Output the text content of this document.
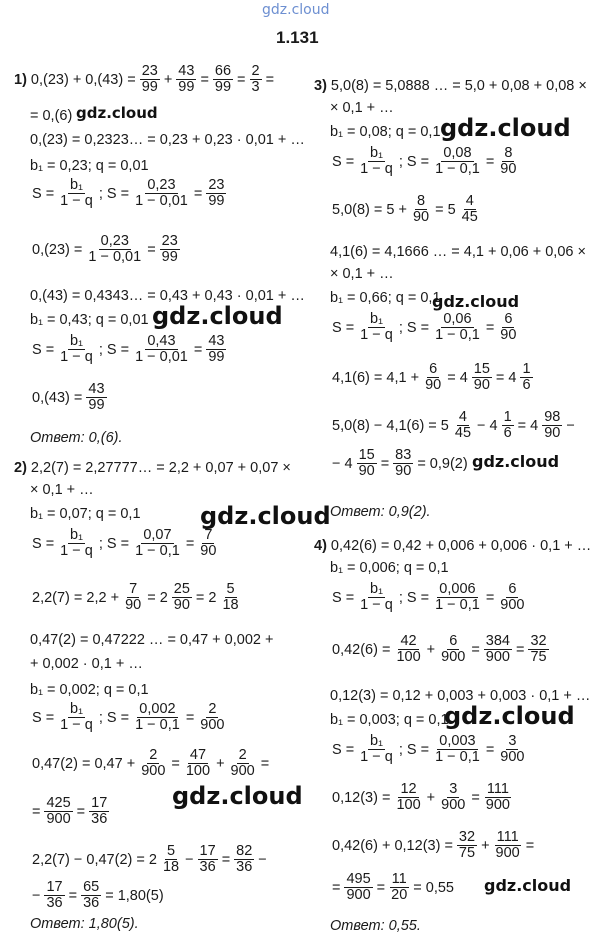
gdz.cloud
1.131
1) $0,(23) + 0,(43) = \frac{23}{99} + \frac{43}{99} = \frac{66}{99} = \frac{2}{3}$ =
= 0,(6) gdz.cloud
0,(23) = 0,2323… = 0,23 + 0,23 · 0,01 + …
b₁ = 0,23; q = 0,01
$S = \frac{\text{b₁}}{1 - q}$ ; $S = \frac{0,23}{1 - 0,01} = \frac{23}{99}$
$0,(23) = \frac{0,23}{1 - 0,01} = \frac{23}{99}$
0,(43) = 0,4343… = 0,43 + 0,43 · 0,01 + …
b₁ = 0,43; q = 0,01 gdz.cloud
$S = \frac{\text{b₁}}{1 - q}$ ; $S = \frac{0,43}{1 - 0,01} = \frac{43}{99}$
$0,(43) = \frac{43}{99}$
Ответ: 0,(6).
2) 2,2(7) = 2,27777… = 2,2 + 0,07 + 0,07 ×
× 0,1 + …
b₁ = 0,07; q = 0,1 gdz.cloud
$S = \frac{\text{b₁}}{1 - q}$ ; $S = \frac{0,07}{1 - 0,1} = \frac{7}{90}$
$2,2(7) = 2,2 + \frac{7}{90} = 2 \frac{25}{90} = 2 \frac{5}{18}$
0,47(2) = 0,47222 … = 0,47 + 0,002 +
+ 0,002 · 0,1 + …
b₁ = 0,002; q = 0,1
$S = \frac{\text{b₁}}{1 - q}$ ; $S = \frac{0,002}{1 - 0,1} = \frac{2}{900}$
$0,47(2) = 0,47 + \frac{2}{900} = \frac{47}{100} + \frac{2}{900}$ =
gdz.cloud
= $\frac{425}{900} = \frac{17}{36}$
$2,2(7) - 0,47(2) = 2 \frac{5}{18} - \frac{17}{36} = \frac{82}{36}$ −
− $\frac{17}{36} = \frac{65}{36} = 1,80(5)$
Ответ: 1,80(5).
3) 5,0(8) = 5,0888 … = 5,0 + 0,08 + 0,08 ×
× 0,1 + …
b₁ = 0,08; q = 0,1 gdz.cloud
$S = \frac{\text{b₁}}{1 - q}$ ; $S = \frac{0,08}{1 - 0,1} = \frac{8}{90}$
$5,0(8) = 5 + \frac{8}{90} = 5 \frac{4}{45}$
4,1(6) = 4,1666 … = 4,1 + 0,06 + 0,06 ×
× 0,1 + …
b₁ = 0,66; q = 0,1
gdz.cloud
$S = \frac{\text{b₁}}{1 - q}$ ; $S = \frac{0,06}{1 - 0,1} = \frac{6}{90}$
$4,1(6) = 4,1 + \frac{6}{90} = 4 \frac{15}{90} = 4 \frac{1}{6}$
$5,0(8) - 4,1(6) = 5 \frac{4}{45} - 4 \frac{1}{6} = 4 \frac{98}{90}$ −
− $4 \frac{15}{90} = \frac{83}{90} = 0,9(2)$ gdz.cloud
Ответ: 0,9(2).
4) 0,42(6) = 0,42 + 0,006 + 0,006 · 0,1 + …
b₁ = 0,006; q = 0,1
$S = \frac{\text{b₁}}{1 - q}$ ; $S = \frac{0,006}{1 - 0,1} = \frac{6}{900}$
$0,42(6) = \frac{42}{100} + \frac{6}{900} = \frac{384}{900} = \frac{32}{75}$
0,12(3) = 0,12 + 0,003 + 0,003 · 0,1 + …
b₁ = 0,003; q = 0,1
gdz.cloud
$S = \frac{\text{b₁}}{1 - q}$ ; $S = \frac{0,003}{1 - 0,1} = \frac{3}{900}$
$0,12(3) = \frac{12}{100} + \frac{3}{900} = \frac{111}{900}$
$0,42(6) + 0,12(3) = \frac{32}{75} + \frac{111}{900}$ =
= $\frac{495}{900} = \frac{11}{20} = 0,55$ gdz.cloud
Ответ: 0,55.
